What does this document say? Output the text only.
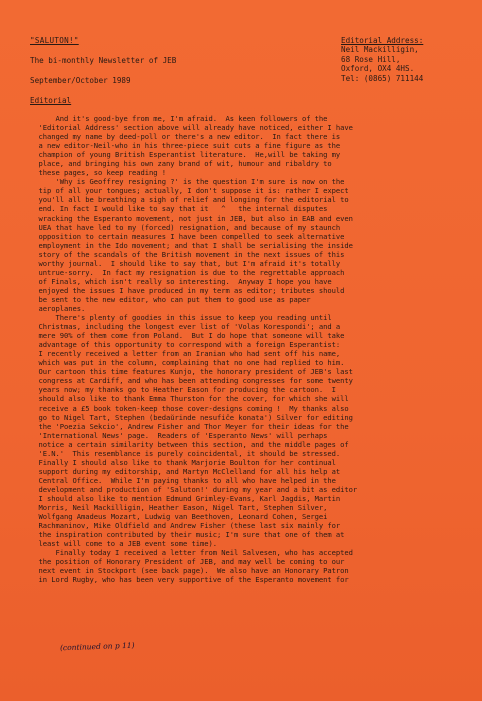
"SALUTON!"
The bi-monthly Newsletter of JEB
September/October 1989
Editorial Address:
Neil Mackilligin,
68 Rose Hill,
Oxford, OX4 4HS.
Tel: (0865) 711144
Editorial
And it's good-bye from me, I'm afraid.  As keen followers of the
'Editorial Address' section above will already have noticed, either I have
changed my name by deed-poll or there's a new editor.  In fact there is
a new editor-Neil-who in his three-piece suit cuts a fine figure as the
champion of young British Esperantist literature.  He,will be taking my
place, and bringing his own zany brand of wit, humour and ribaldry to
these pages, so keep reading !
'Why is Geoffrey resigning ?' is the question I'm sure is now on the
tip of all your tongues; actually, I don't suppose it is: rather I expect
you'll all be breathing a sigh of relief and longing for the editorial to
end. In fact I would like to say that it   ^   the internal disputes
wracking the Esperanto movement, not just in JEB, but also in EAB and even
UEA that have led to my (forced) resignation, and because of my staunch
opposition to certain measures I have been compelled to seek alternative
employment in the Ido movement; and that I shall be serialising the inside
story of the scandals of the British movement in the next issues of this
worthy journal.  I should like to say that, but I'm afraid it's totally
untrue-sorry.  In fact my resignation is due to the regrettable approach
of Finals, which isn't really so interesting.  Anyway I hope you have
enjoyed the issues I have produced in my term as editor; tributes should
be sent to the new editor, who can put them to good use as paper
aeroplanes.
There's plenty of goodies in this issue to keep you reading until
Christmas, including the longest ever list of 'Volas Korespondi'; and a
mere 90% of them come from Poland.  But I do hope that someone will take
advantage of this opportunity to correspond with a foreign Esperantist:
I recently received a letter from an Iranian who had sent off his name,
which was put in the column, complaining that no one had replied to him.
Our cartoon this time features Kunjo, the honorary president of JEB's last
congress at Cardiff, and who has been attending congresses for some twenty
years now; my thanks go to Heather Eason for producing the cartoon.  I
should also like to thank Emma Thurston for the cover, for which she will
receive a £5 book token-keep those cover-designs coming !  My thanks also
go to Nigel Tart, Stephen (bedaŭrinde nesufiĉe konata') Silver for editing
the 'Poezia Sekcio', Andrew Fisher and Thor Meyer for their ideas for the
'International News' page.  Readers of 'Esperanto News' will perhaps
notice a certain similarity between this section, and the middle pages of
'E.N.'  This resemblance is purely coincidental, it should be stressed.
Finally I should also like to thank Marjorie Boulton for her continual
support during my editorship, and Martyn McClelland for all his help at
Central Office.  While I'm paying thanks to all who have helped in the
development and production of 'Saluton!' during my year and a bit as editor
I should also like to mention Edmund Grimley-Evans, Karl Jagdis, Martin
Morris, Neil Mackilligin, Heather Eason, Nigel Tart, Stephen Silver,
Wolfgang Amadeus Mozart, Ludwig van Beethoven, Leonard Cohen, Sergei
Rachmaninov, Mike Oldfield and Andrew Fisher (these last six mainly for
the inspiration contributed by their music; I'm sure that one of them at
least will come to a JEB event some time).
Finally today I received a letter from Neil Salvesen, who has accepted
the position of Honorary President of JEB, and may well be coming to our
next event in Stockport (see back page).  We also have an Honorary Patron
in Lord Rugby, who has been very supportive of the Esperanto movement for
(continued on p 11)
